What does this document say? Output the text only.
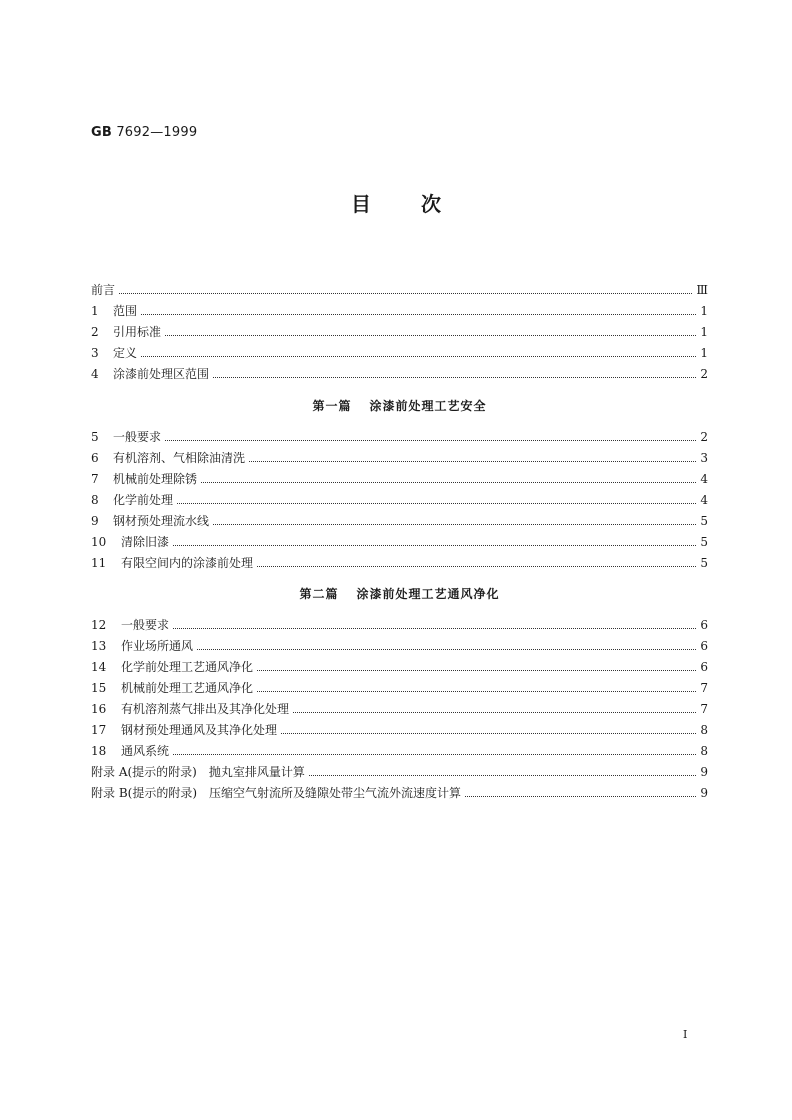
GB 7692—1999
目	次
前言	Ⅲ
1	范围	1
2	引用标准	1
3	定义	1
4	涂漆前处理区范围	2
第一篇 涂漆前处理工艺安全
5	一般要求	2
6	有机溶剂、气相除油清洗	3
7	机械前处理除锈	4
8	化学前处理	4
9	钢材预处理流水线	5
10	清除旧漆	5
11	有限空间内的涂漆前处理	5
第二篇 涂漆前处理工艺通风净化
12	一般要求	6
13	作业场所通风	6
14	化学前处理工艺通风净化	6
15	机械前处理工艺通风净化	7
16	有机溶剂蒸气排出及其净化处理	7
17	钢材预处理通风及其净化处理	8
18	通风系统	8
附录 A(提示的附录)　抛丸室排风量计算	9
附录 B(提示的附录)　压缩空气射流所及缝隙处带尘气流外流速度计算	9
Ⅰ
